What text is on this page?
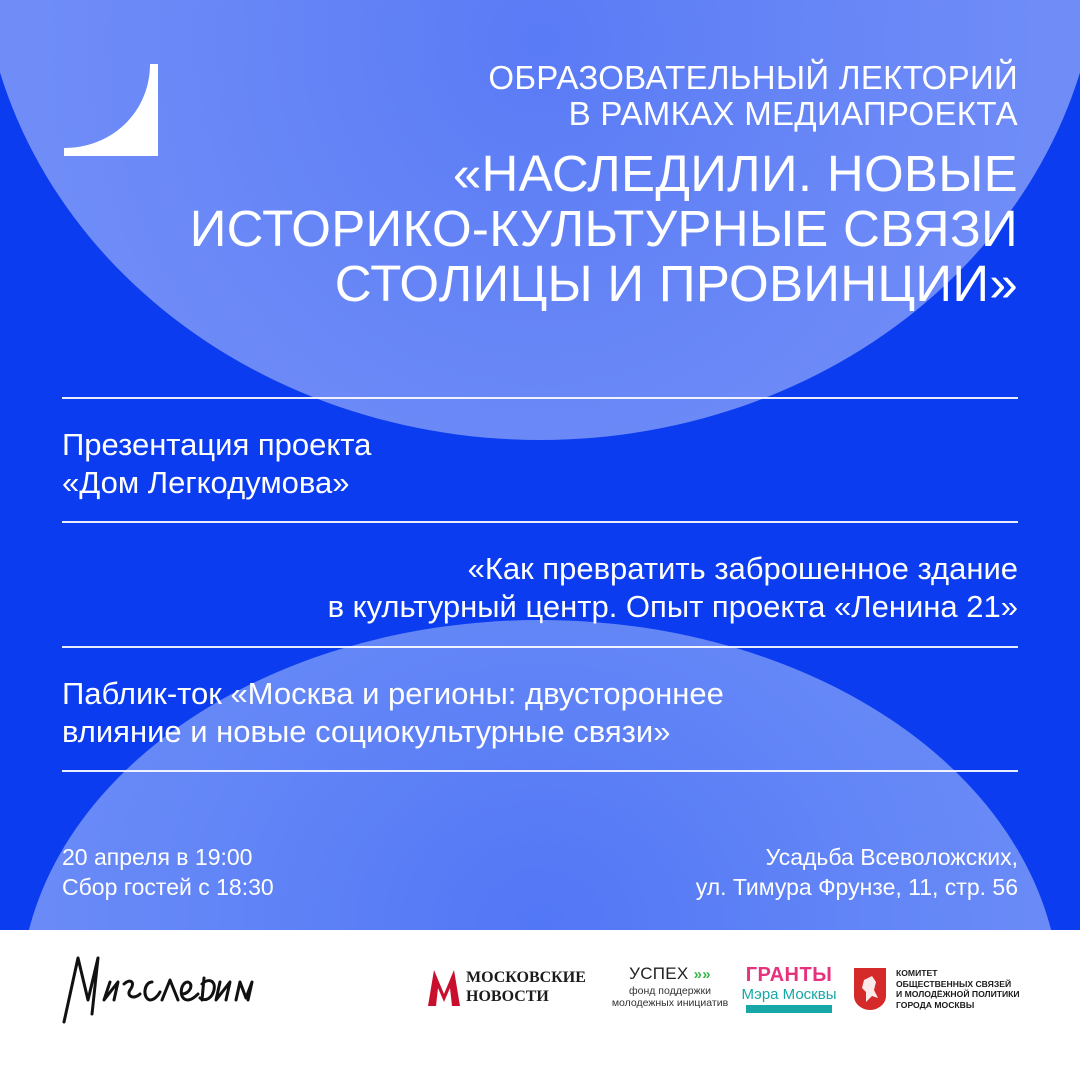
ОБРАЗОВАТЕЛЬНЫЙ ЛЕКТОРИЙ
В РАМКАХ МЕДИАПРОЕКТА
«НАСЛЕДИЛИ. НОВЫЕ
ИСТОРИКО-КУЛЬТУРНЫЕ СВЯЗИ
СТОЛИЦЫ И ПРОВИНЦИИ»
Презентация проекта
«Дом Легкодумова»
«Как превратить заброшенное здание
в культурный центр. Опыт проекта «Ленина 21»
Паблик-ток «Москва и регионы: двустороннее
влияние и новые социокультурные связи»
20 апреля в 19:00
Сбор гостей с 18:30
Усадьба Всеволожских,
ул. Тимура Фрунзе, 11, стр. 56
МОСКОВСКИЕ
НОВОСТИ
УСПЕХ »»
фонд поддержки
молодежных инициатив
ГРАНТЫ
Мэра Москвы
КОМИТЕТ
ОБЩЕСТВЕННЫХ СВЯЗЕЙ
И МОЛОДЁЖНОЙ ПОЛИТИКИ
ГОРОДА МОСКВЫ
